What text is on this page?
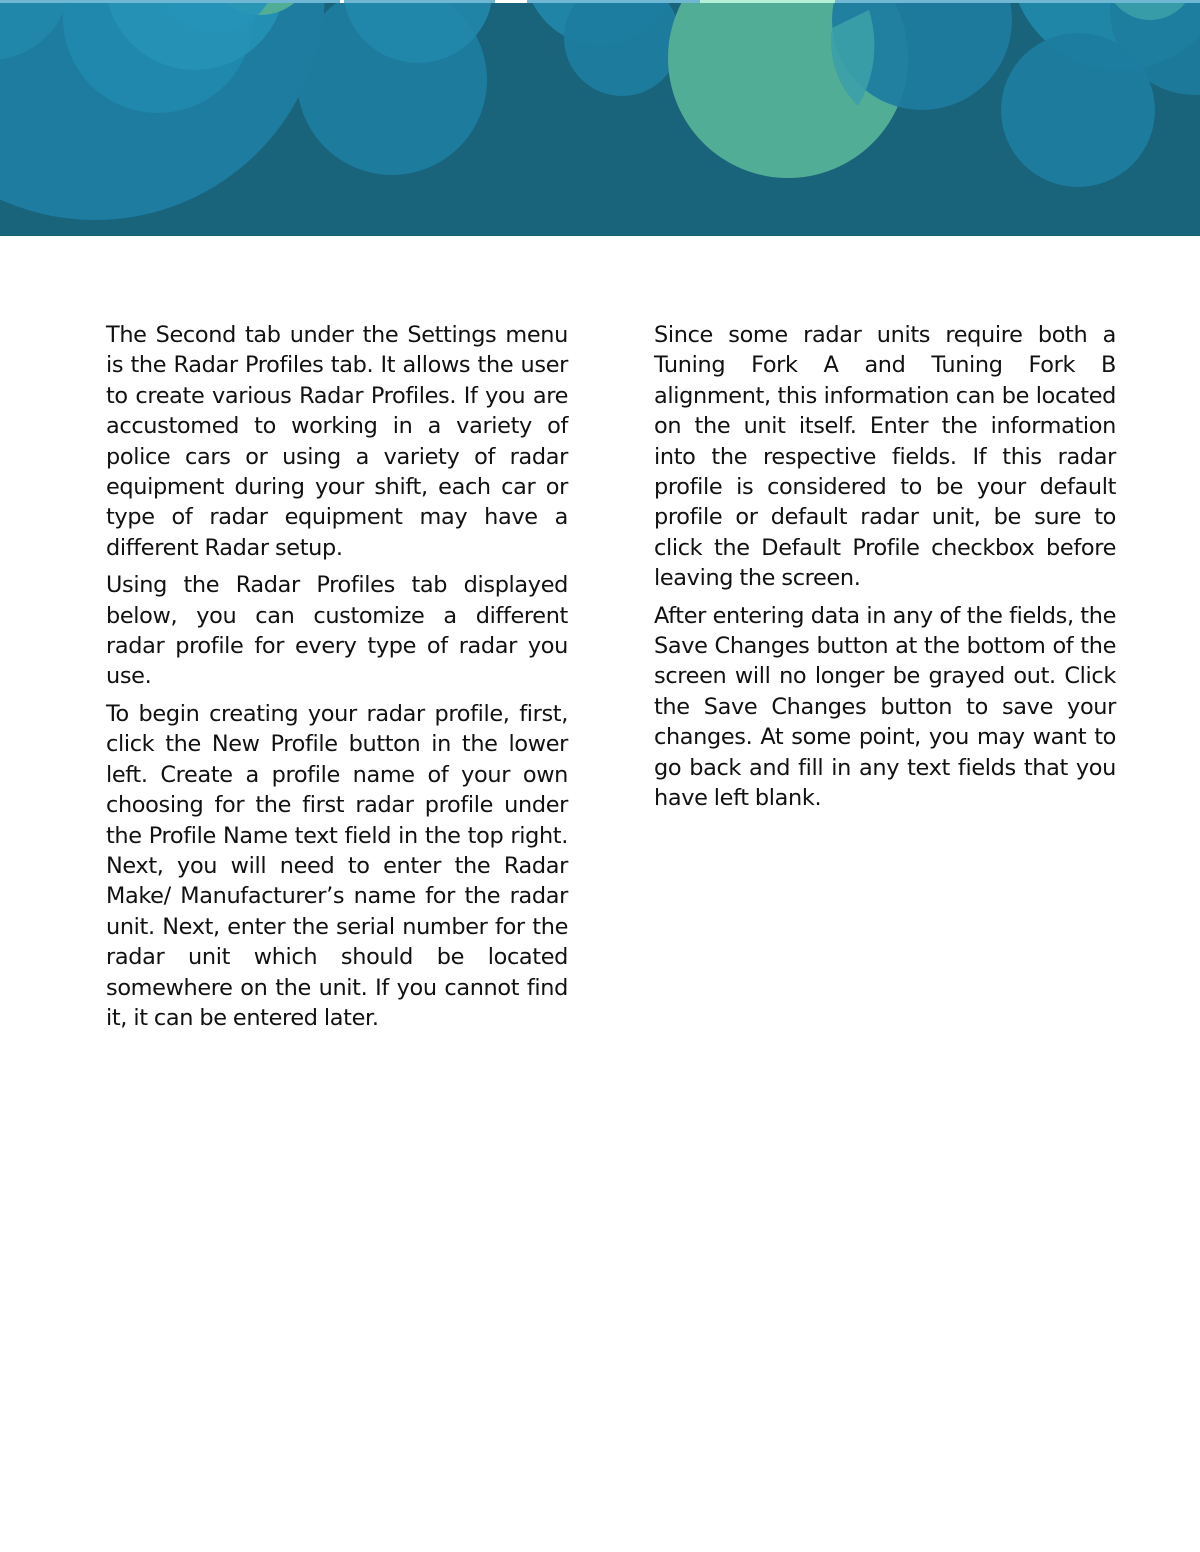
The Second tab under the Settings menu is the Radar Profiles tab. It allows the user to create various Radar Profiles. If you are accustomed to working in a variety of police cars or using a variety of radar equipment during your shift, each car or type of radar equipment may have a different Radar setup.

Using the Radar Profiles tab displayed below, you can customize a different radar profile for every type of radar you use.

To begin creating your radar profile, first, click the New Profile button in the lower left. Create a profile name of your own choosing for the first radar profile under the Profile Name text field in the top right. Next, you will need to enter the Radar Make/ Manufacturer’s name for the radar unit. Next, enter the serial number for the radar unit which should be located somewhere on the unit. If you cannot find it, it can be entered later.

Since some radar units require both a Tuning Fork A and Tuning Fork B alignment, this information can be located on the unit itself. Enter the information into the respective fields. If this radar profile is considered to be your default profile or default radar unit, be sure to click the Default Profile checkbox before leaving the screen.

After entering data in any of the fields, the Save Changes button at the bottom of the screen will no longer be grayed out. Click the Save Changes button to save your changes. At some point, you may want to go back and fill in any text fields that you have left blank.
